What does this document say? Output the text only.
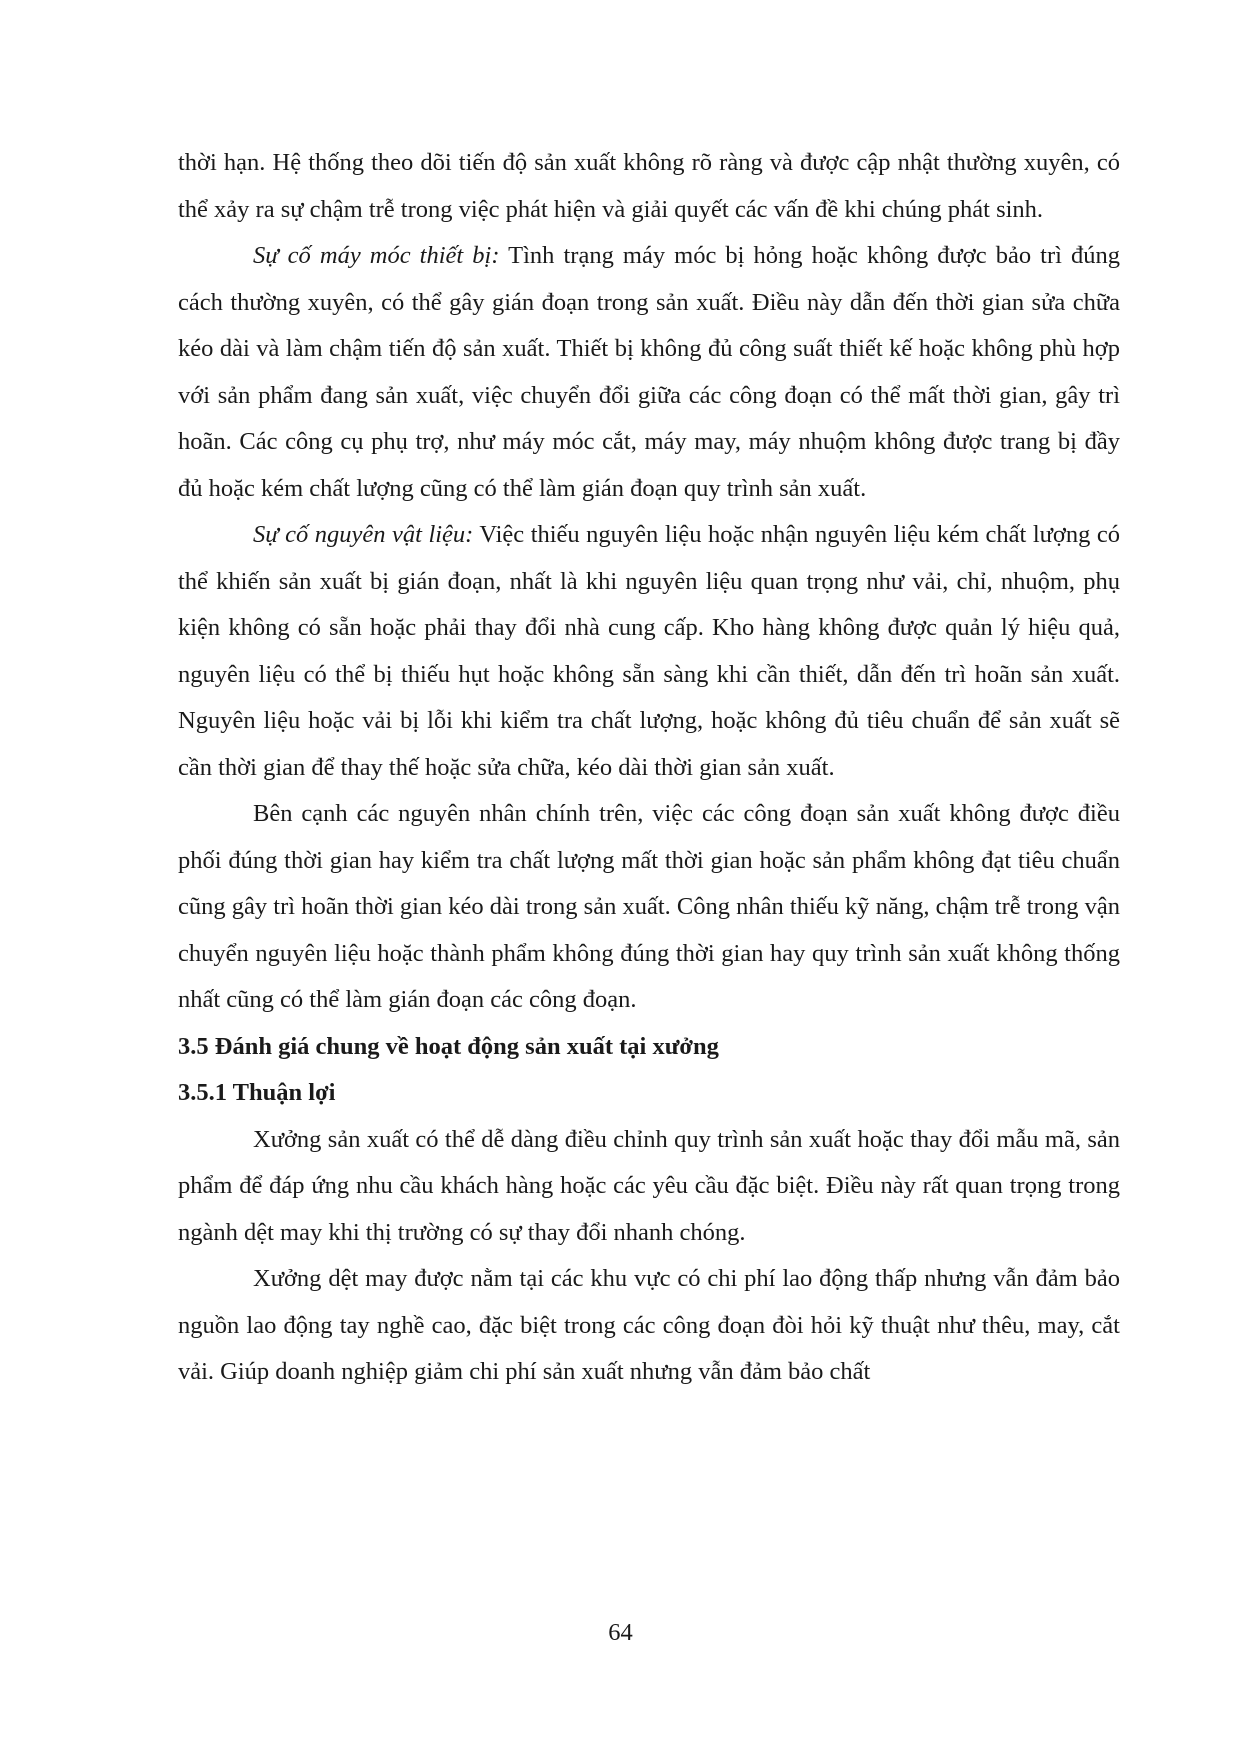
thời hạn. Hệ thống theo dõi tiến độ sản xuất không rõ ràng và được cập nhật thường xuyên, có thể xảy ra sự chậm trễ trong việc phát hiện và giải quyết các vấn đề khi chúng phát sinh.

Sự cố máy móc thiết bị: Tình trạng máy móc bị hỏng hoặc không được bảo trì đúng cách thường xuyên, có thể gây gián đoạn trong sản xuất. Điều này dẫn đến thời gian sửa chữa kéo dài và làm chậm tiến độ sản xuất. Thiết bị không đủ công suất thiết kế hoặc không phù hợp với sản phẩm đang sản xuất, việc chuyển đổi giữa các công đoạn có thể mất thời gian, gây trì hoãn. Các công cụ phụ trợ, như máy móc cắt, máy may, máy nhuộm không được trang bị đầy đủ hoặc kém chất lượng cũng có thể làm gián đoạn quy trình sản xuất.

Sự cố nguyên vật liệu: Việc thiếu nguyên liệu hoặc nhận nguyên liệu kém chất lượng có thể khiến sản xuất bị gián đoạn, nhất là khi nguyên liệu quan trọng như vải, chỉ, nhuộm, phụ kiện không có sẵn hoặc phải thay đổi nhà cung cấp. Kho hàng không được quản lý hiệu quả, nguyên liệu có thể bị thiếu hụt hoặc không sẵn sàng khi cần thiết, dẫn đến trì hoãn sản xuất. Nguyên liệu hoặc vải bị lỗi khi kiểm tra chất lượng, hoặc không đủ tiêu chuẩn để sản xuất sẽ cần thời gian để thay thế hoặc sửa chữa, kéo dài thời gian sản xuất.

Bên cạnh các nguyên nhân chính trên, việc các công đoạn sản xuất không được điều phối đúng thời gian hay kiểm tra chất lượng mất thời gian hoặc sản phẩm không đạt tiêu chuẩn cũng gây trì hoãn thời gian kéo dài trong sản xuất. Công nhân thiếu kỹ năng, chậm trễ trong vận chuyển nguyên liệu hoặc thành phẩm không đúng thời gian hay quy trình sản xuất không thống nhất cũng có thể làm gián đoạn các công đoạn.

3.5 Đánh giá chung về hoạt động sản xuất tại xưởng

3.5.1 Thuận lợi

Xưởng sản xuất có thể dễ dàng điều chỉnh quy trình sản xuất hoặc thay đổi mẫu mã, sản phẩm để đáp ứng nhu cầu khách hàng hoặc các yêu cầu đặc biệt. Điều này rất quan trọng trong ngành dệt may khi thị trường có sự thay đổi nhanh chóng.

Xưởng dệt may được nằm tại các khu vực có chi phí lao động thấp nhưng vẫn đảm bảo nguồn lao động tay nghề cao, đặc biệt trong các công đoạn đòi hỏi kỹ thuật như thêu, may, cắt vải. Giúp doanh nghiệp giảm chi phí sản xuất nhưng vẫn đảm bảo chất

64
